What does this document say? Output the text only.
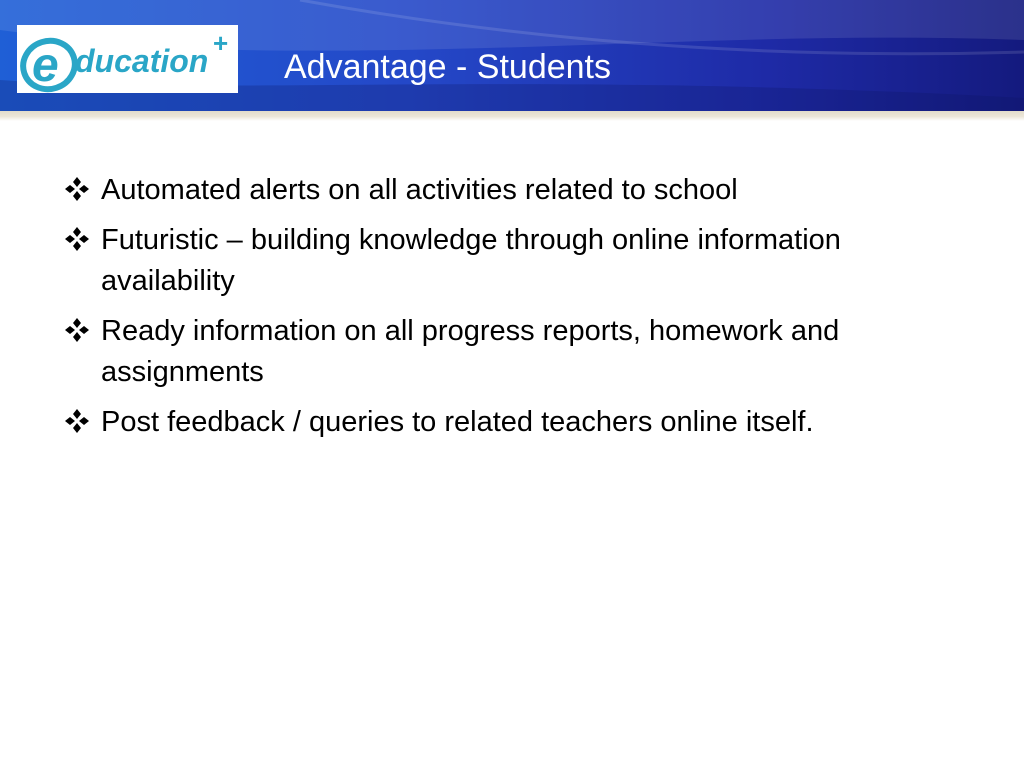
e ducation +
Advantage - Students
Automated alerts on all activities related to school
Futuristic – building knowledge through online information availability
Ready information on all progress reports, homework and assignments
Post feedback / queries to related teachers online itself.
